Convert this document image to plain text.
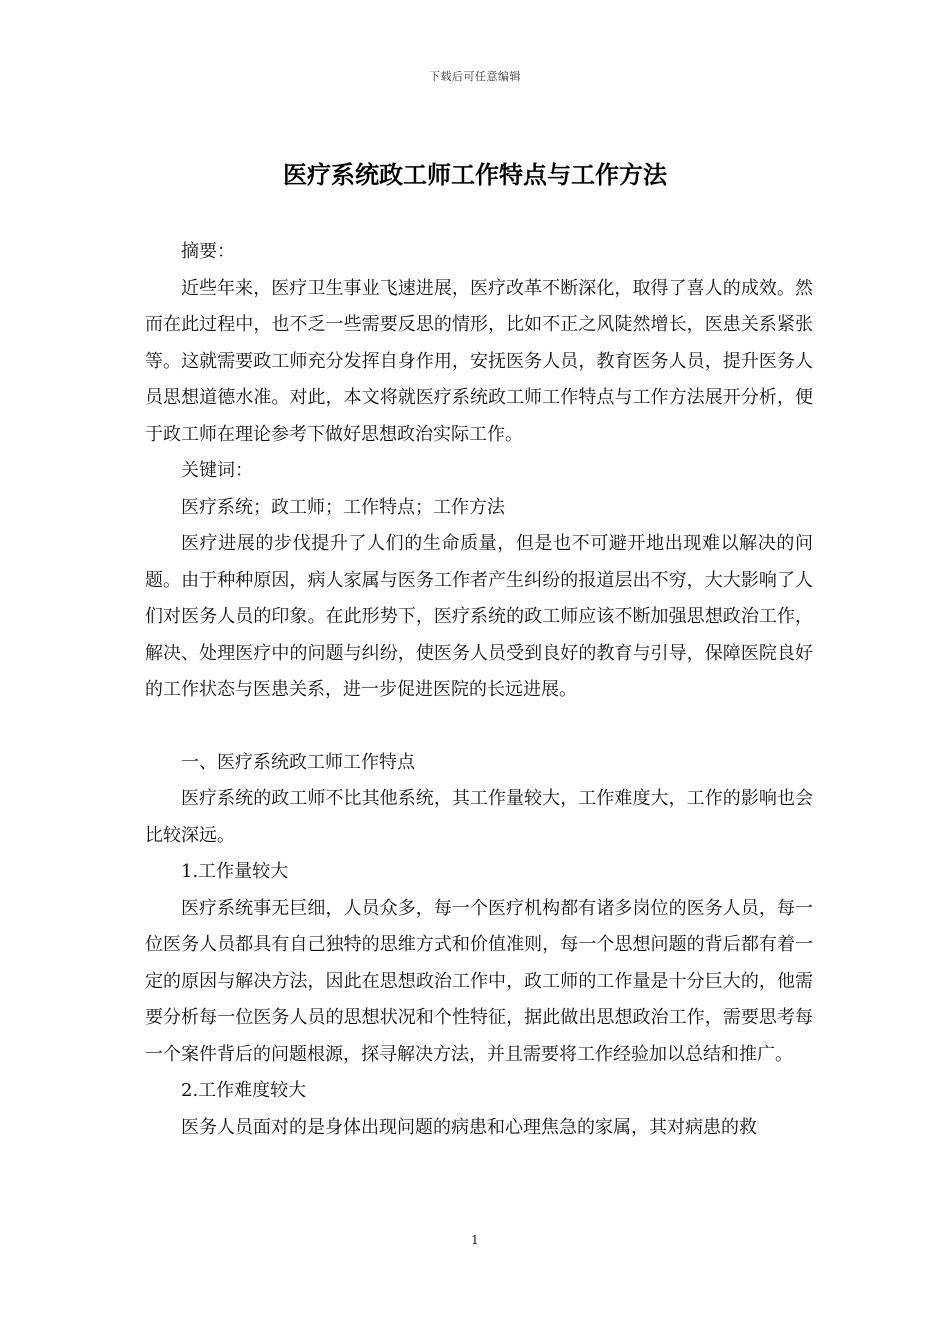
下载后可任意编辑
医疗系统政工师工作特点与工作方法

摘要：

近些年来，医疗卫生事业飞速进展，医疗改革不断深化，取得了喜人的成效。然而在此过程中，也不乏一些需要反思的情形，比如不正之风陡然增长，医患关系紧张等。这就需要政工师充分发挥自身作用，安抚医务人员，教育医务人员，提升医务人员思想道德水准。对此，本文将就医疗系统政工师工作特点与工作方法展开分析，便于政工师在理论参考下做好思想政治实际工作。

关键词：

医疗系统；政工师；工作特点；工作方法

医疗进展的步伐提升了人们的生命质量，但是也不可避开地出现难以解决的问题。由于种种原因，病人家属与医务工作者产生纠纷的报道层出不穷，大大影响了人们对医务人员的印象。在此形势下，医疗系统的政工师应该不断加强思想政治工作，解决、处理医疗中的问题与纠纷，使医务人员受到良好的教育与引导，保障医院良好的工作状态与医患关系，进一步促进医院的长远进展。

一、医疗系统政工师工作特点

医疗系统的政工师不比其他系统，其工作量较大，工作难度大，工作的影响也会比较深远。

1.工作量较大

医疗系统事无巨细，人员众多，每一个医疗机构都有诸多岗位的医务人员，每一位医务人员都具有自己独特的思维方式和价值准则，每一个思想问题的背后都有着一定的原因与解决方法，因此在思想政治工作中，政工师的工作量是十分巨大的，他需要分析每一位医务人员的思想状况和个性特征，据此做出思想政治工作，需要思考每一个案件背后的问题根源，探寻解决方法，并且需要将工作经验加以总结和推广。

2.工作难度较大

医务人员面对的是身体出现问题的病患和心理焦急的家属，其对病患的救

1
